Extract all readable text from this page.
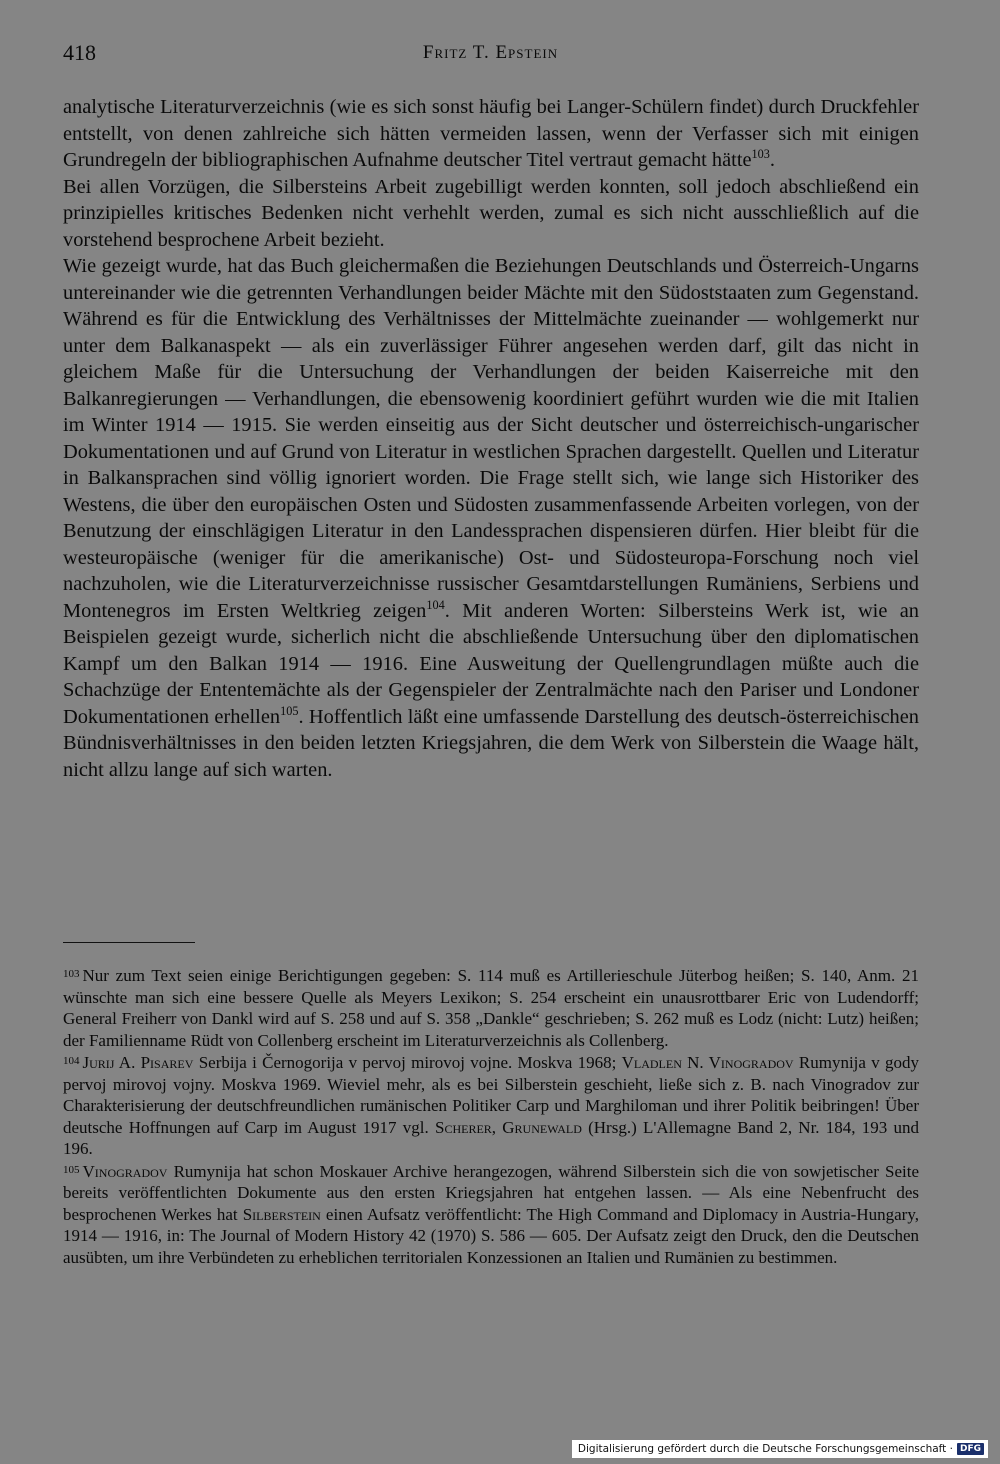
418	Fritz T. Epstein

analytische Literaturverzeichnis (wie es sich sonst häufig bei Langer-Schülern findet) durch Druckfehler entstellt, von denen zahlreiche sich hätten vermeiden lassen, wenn der Verfasser sich mit einigen Grundregeln der bibliographischen Aufnahme deutscher Titel vertraut gemacht hätte$^{103}$.

Bei allen Vorzügen, die Silbersteins Arbeit zugebilligt werden konnten, soll jedoch abschließend ein prinzipielles kritisches Bedenken nicht verhehlt werden, zumal es sich nicht ausschließlich auf die vorstehend besprochene Arbeit bezieht.

Wie gezeigt wurde, hat das Buch gleichermaßen die Beziehungen Deutschlands und Österreich-Ungarns untereinander wie die getrennten Verhandlungen beider Mächte mit den Südoststaaten zum Gegenstand. Während es für die Entwicklung des Verhältnisses der Mittelmächte zueinander — wohlgemerkt nur unter dem Balkanaspekt — als ein zuverlässiger Führer angesehen werden darf, gilt das nicht in gleichem Maße für die Untersuchung der Verhandlungen der beiden Kaiserreiche mit den Balkanregierungen — Verhandlungen, die ebensowenig koordiniert geführt wurden wie die mit Italien im Winter 1914 — 1915. Sie werden einseitig aus der Sicht deutscher und österreichisch-ungarischer Dokumentationen und auf Grund von Literatur in westlichen Sprachen dargestellt. Quellen und Literatur in Balkansprachen sind völlig ignoriert worden. Die Frage stellt sich, wie lange sich Historiker des Westens, die über den europäischen Osten und Südosten zusammenfassende Arbeiten vorlegen, von der Benutzung der einschlägigen Literatur in den Landessprachen dispensieren dürfen. Hier bleibt für die westeuropäische (weniger für die amerikanische) Ost- und Südosteuropa-Forschung noch viel nachzuholen, wie die Literaturverzeichnisse russischer Gesamtdarstellungen Rumäniens, Serbiens und Montenegros im Ersten Weltkrieg zeigen$^{104}$. Mit anderen Worten: Silbersteins Werk ist, wie an Beispielen gezeigt wurde, sicherlich nicht die abschließende Untersuchung über den diplomatischen Kampf um den Balkan 1914 — 1916. Eine Ausweitung der Quellengrundlagen müßte auch die Schachzüge der Ententemächte als der Gegenspieler der Zentralmächte nach den Pariser und Londoner Dokumentationen erhellen$^{105}$. Hoffentlich läßt eine umfassende Darstellung des deutsch-österreichischen Bündnisverhältnisses in den beiden letzten Kriegsjahren, die dem Werk von Silberstein die Waage hält, nicht allzu lange auf sich warten.

$^{103}$ Nur zum Text seien einige Berichtigungen gegeben: S. 114 muß es Artillerieschule Jüterbog heißen; S. 140, Anm. 21 wünschte man sich eine bessere Quelle als Meyers Lexikon; S. 254 erscheint ein unausrottbarer Eric von Ludendorff; General Freiherr von Dankl wird auf S. 258 und auf S. 358 „Dankle“ geschrieben; S. 262 muß es Lodz (nicht: Lutz) heißen; der Familienname Rüdt von Collenberg erscheint im Literaturverzeichnis als Collenberg.

$^{104}$ Jurij A. Pisarev Serbija i Černogorija v pervoj mirovoj vojne. Moskva 1968; Vladlen N. Vinogradov Rumynija v gody pervoj mirovoj vojny. Moskva 1969. Wieviel mehr, als es bei Silberstein geschieht, ließe sich z. B. nach Vinogradov zur Charakterisierung der deutschfreundlichen rumänischen Politiker Carp und Marghiloman und ihrer Politik beibringen! Über deutsche Hoffnungen auf Carp im August 1917 vgl. Scherer, Grunewald (Hrsg.) L'Allemagne Band 2, Nr. 184, 193 und 196.

$^{105}$ Vinogradov Rumynija hat schon Moskauer Archive herangezogen, während Silberstein sich die von sowjetischer Seite bereits veröffentlichten Dokumente aus den ersten Kriegsjahren hat entgehen lassen. — Als eine Nebenfrucht des besprochenen Werkes hat Silberstein einen Aufsatz veröffentlicht: The High Command and Diplomacy in Austria-Hungary, 1914 — 1916, in: The Journal of Modern History 42 (1970) S. 586 — 605. Der Aufsatz zeigt den Druck, den die Deutschen ausübten, um ihre Verbündeten zu erheblichen territorialen Konzessionen an Italien und Rumänien zu bestimmen.

Digitalisierung gefördert durch die Deutsche Forschungsgemeinschaft · DFG
